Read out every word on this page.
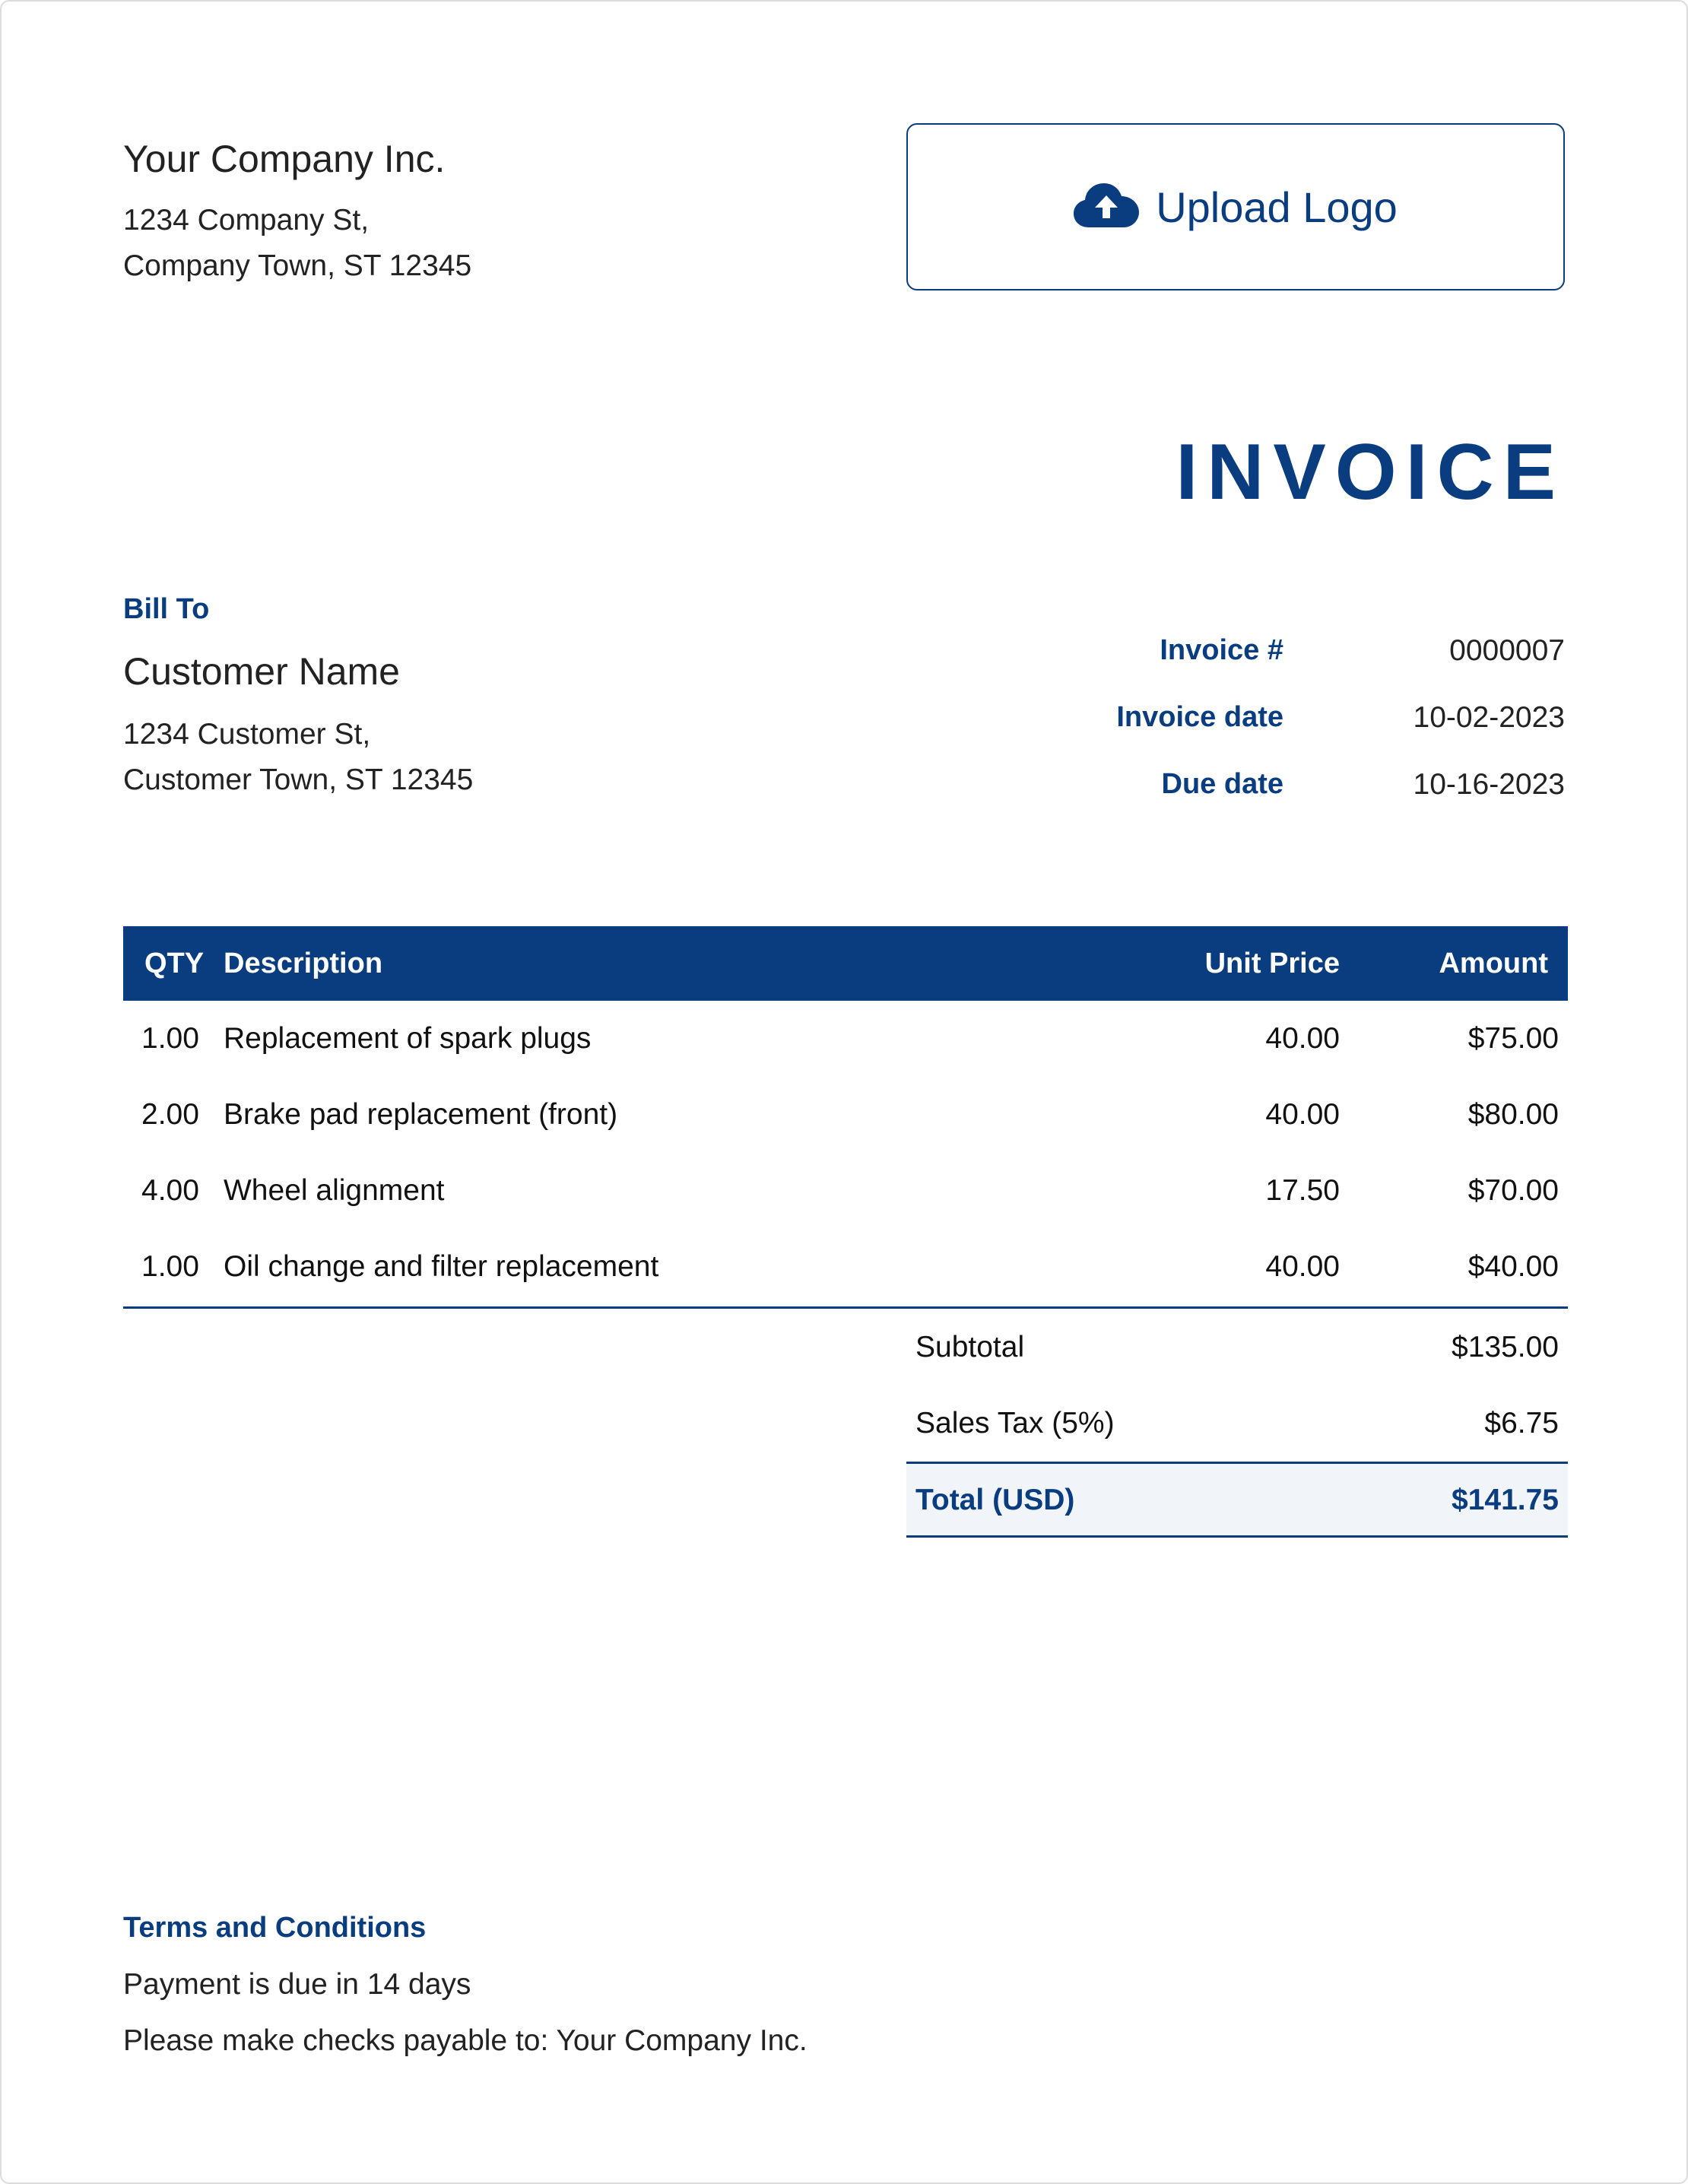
Your Company Inc.
1234 Company St,
Company Town, ST 12345
Upload Logo
INVOICE
Bill To
Customer Name
1234 Customer St,
Customer Town, ST 12345
Invoice #	0000007
Invoice date	10-02-2023
Due date	10-16-2023
QTY Description	Unit Price	Amount
1.00 Replacement of spark plugs	40.00	$75.00
2.00 Brake pad replacement (front)	40.00	$80.00
4.00 Wheel alignment	17.50	$70.00
1.00 Oil change and filter replacement	40.00	$40.00
Subtotal	$135.00
Sales Tax (5%)	$6.75
Total (USD)	$141.75
Terms and Conditions
Payment is due in 14 days
Please make checks payable to: Your Company Inc.
